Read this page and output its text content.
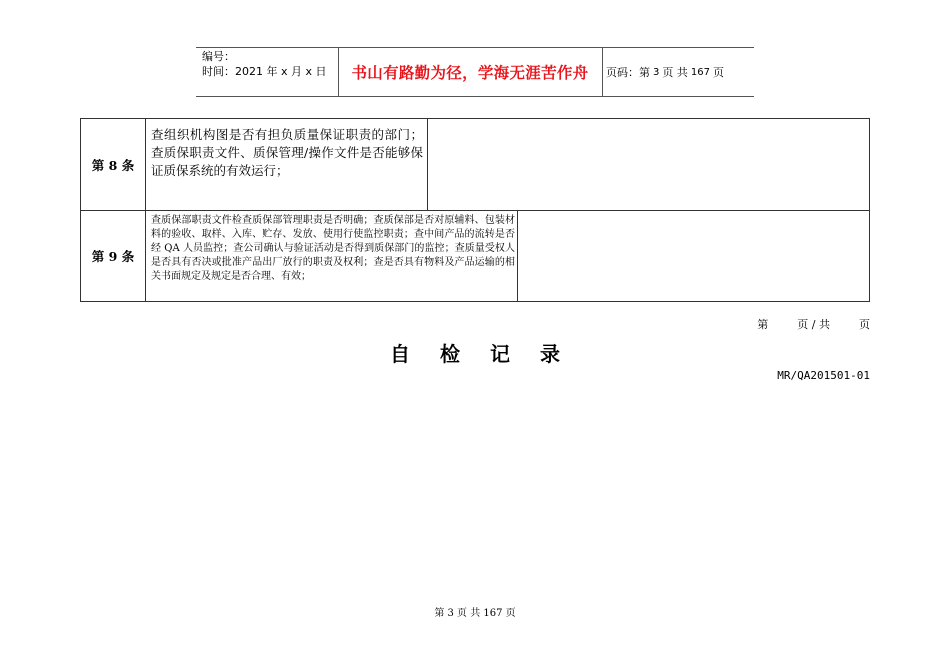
编号：
时间：2021 年 x 月 x 日	书山有路勤为径，学海无涯苦作舟	页码：第 3 页 共 167 页
第 8 条
查组织机构图是否有担负质量保证职责的部门；查质保职责文件、质保管理/操作文件是否能够保证质保系统的有效运行；
第 9 条
查质保部职责文件检查质保部管理职责是否明确；查质保部是否对原辅料、包装材料的验收、取样、入库、贮存、发放、使用行使监控职责；查中间产品的流转是否经 QA 人员监控；查公司确认与验证活动是否得到质保部门的监控；查质量受权人是否具有否决或批准产品出厂放行的职责及权利；查是否具有物料及产品运输的相关书面规定及规定是否合理、有效；
第	页 / 共	页
自检记录
MR/QA201501-01
第 3 页 共 167 页
